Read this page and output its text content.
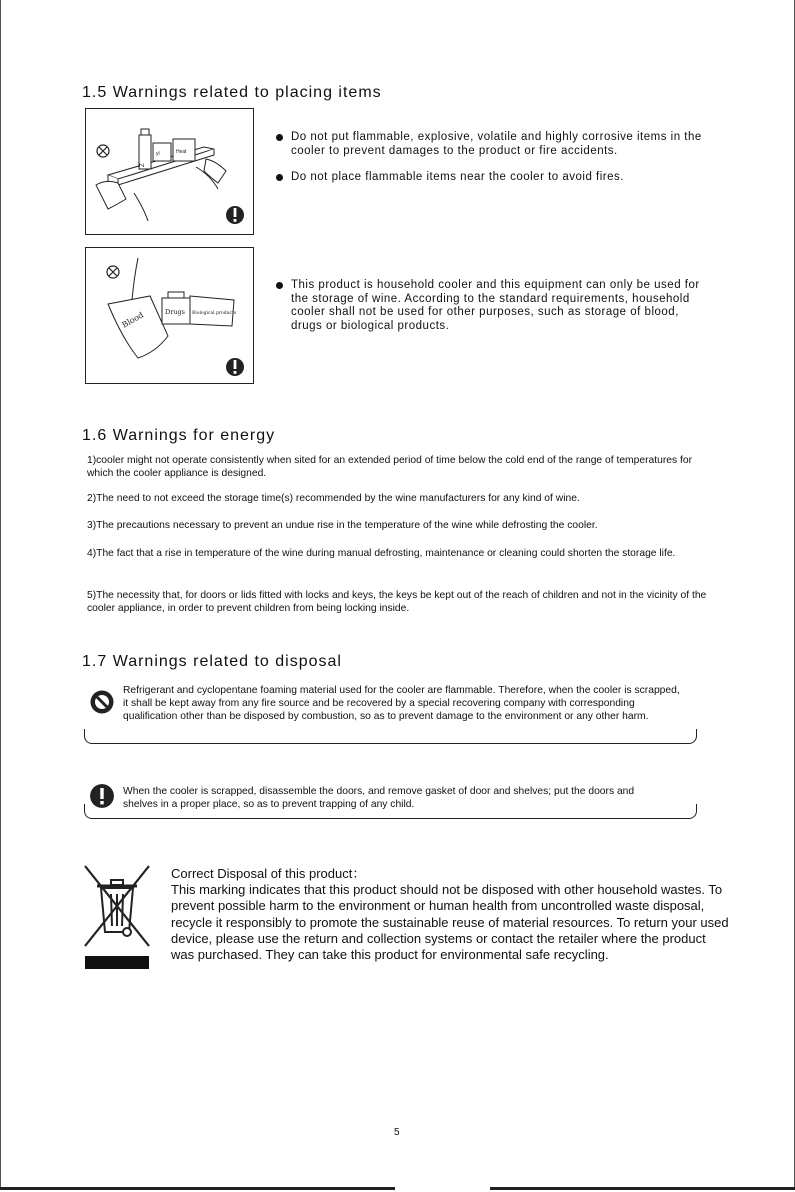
1.5 Warnings related to placing items
Z
yl	Heat
Do not put flammable, explosive, volatile and highly corrosive items in the cooler to prevent damages to the product or fire accidents.
Do not place flammable items near the cooler to avoid fires.
Blood	Drugs Biological products
This product is household cooler and this equipment can only be used for the storage of wine. According to the standard requirements, household cooler shall not be used for other purposes, such as storage of blood, drugs or biological products.
1.6 Warnings for energy

1)cooler might not operate consistently when sited for an extended period of time below the cold end of the range of temperatures for which the cooler appliance is designed.

2)The need to not exceed the storage time(s) recommended by the wine manufacturers for any kind of wine.

3)The precautions necessary to prevent an undue rise in the temperature of the wine while defrosting the cooler.

4)The fact that a rise in temperature of the wine during manual defrosting, maintenance or cleaning could shorten the storage life.

5)The necessity that, for doors or lids fitted with locks and keys, the keys be kept out of the reach of children and not in the vicinity of the cooler appliance, in order to prevent children from being locking inside.

1.7 Warnings related to disposal
Refrigerant and cyclopentane foaming material used for the cooler are flammable. Therefore, when the cooler is scrapped, it shall be kept away from any fire source and be recovered by a special recovering company with corresponding qualification other than be disposed by combustion, so as to prevent damage to the environment or any other harm.
When the cooler is scrapped, disassemble the doors, and remove gasket of door and shelves; put the doors and shelves in a proper place, so as to prevent trapping of any child.
Correct Disposal of this product：
This marking indicates that this product should not be disposed with other household wastes. To prevent possible harm to the environment or human health from uncontrolled waste disposal, recycle it responsibly to promote the sustainable reuse of material resources. To return your used device, please use the return and collection systems or contact the retailer where the product was purchased. They can take this product for environmental safe recycling.
5
